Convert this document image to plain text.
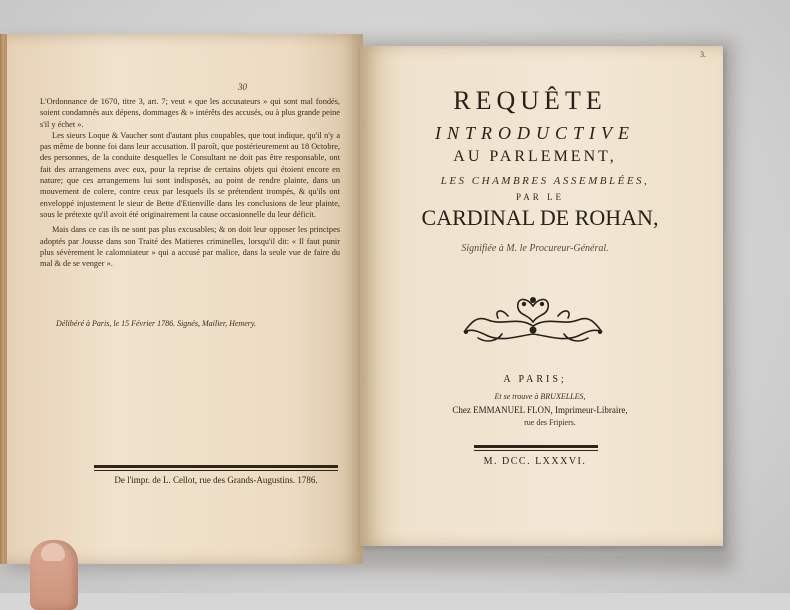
30

L'Ordonnance de 1670, titre 3, art. 7; veut « que les accusateurs » qui sont mal fondés, soient condamnés aux dépens, dommages & » intérêts des accusés, ou à plus grande peine s'il y échet ».

Les sieurs Loque & Vaucher sont d'autant plus coupables, que tout indique, qu'il n'y a pas même de bonne foi dans leur accusation. Il paroît, que postérieurement au 18 Octobre, des personnes, de la conduite desquelles le Consultant ne doit pas être responsable, ont fait des arrangemens avec eux, pour la reprise de certains objets qui étoient encore en nature; que ces arrangemens lui sont indisposés, au point de rendre plainte, dans un mouvement de colere, contre ceux par lesquels ils se prétendent trompés, & qu'ils ont enveloppé injustement le sieur de Bette d'Etienville dans les conclusions de leur plainte, sous le prétexte qu'il avoit été originairement la cause occasionnelle du leur déficit.

Mais dans ce cas ils ne sont pas plus excusables; & on doit leur opposer les principes adoptés par Jousse dans son Traité des Matieres criminelles, lorsqu'il dit: « Il faut punir plus sévèrement le calomniateur » qui a accusé par malice, dans la seule vue de faire du mal & de se venger ».

Délibéré à Paris, le 15 Février 1786. Signés, Mailier, Hemery.
De l'impr. de L. Cellot, rue des Grands-Augustins. 1786.
3.
REQUÊTE
INTRODUCTIVE
AU PARLEMENT,
LES CHAMBRES ASSEMBLÉES,
PAR LE
CARDINAL DE ROHAN,
Signifiée à M. le Procureur-Général.
A PARIS;
Et se trouve à BRUXELLES,
Chez EMMANUEL FLON, Imprimeur-Libraire,
rue des Fripiers.
M. DCC. LXXXVI.
